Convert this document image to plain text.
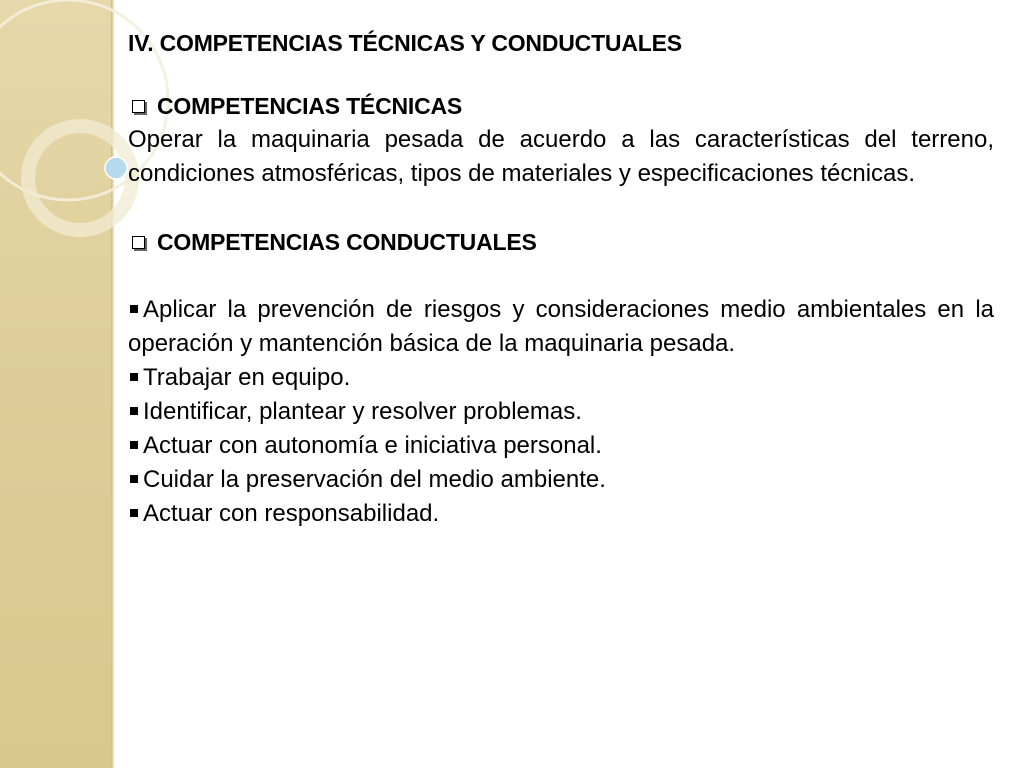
IV. COMPETENCIAS TÉCNICAS Y CONDUCTUALES
COMPETENCIAS TÉCNICAS

Operar la maquinaria pesada de acuerdo a las características del terreno, condiciones atmosféricas, tipos de materiales y especificaciones técnicas.

COMPETENCIAS CONDUCTUALES
Aplicar la prevención de riesgos y consideraciones medio ambientales en la operación y mantención básica de la maquinaria pesada.
Trabajar en equipo.
Identificar, plantear y resolver problemas.
Actuar con autonomía e iniciativa personal.
Cuidar la preservación del medio ambiente.
Actuar con responsabilidad.
